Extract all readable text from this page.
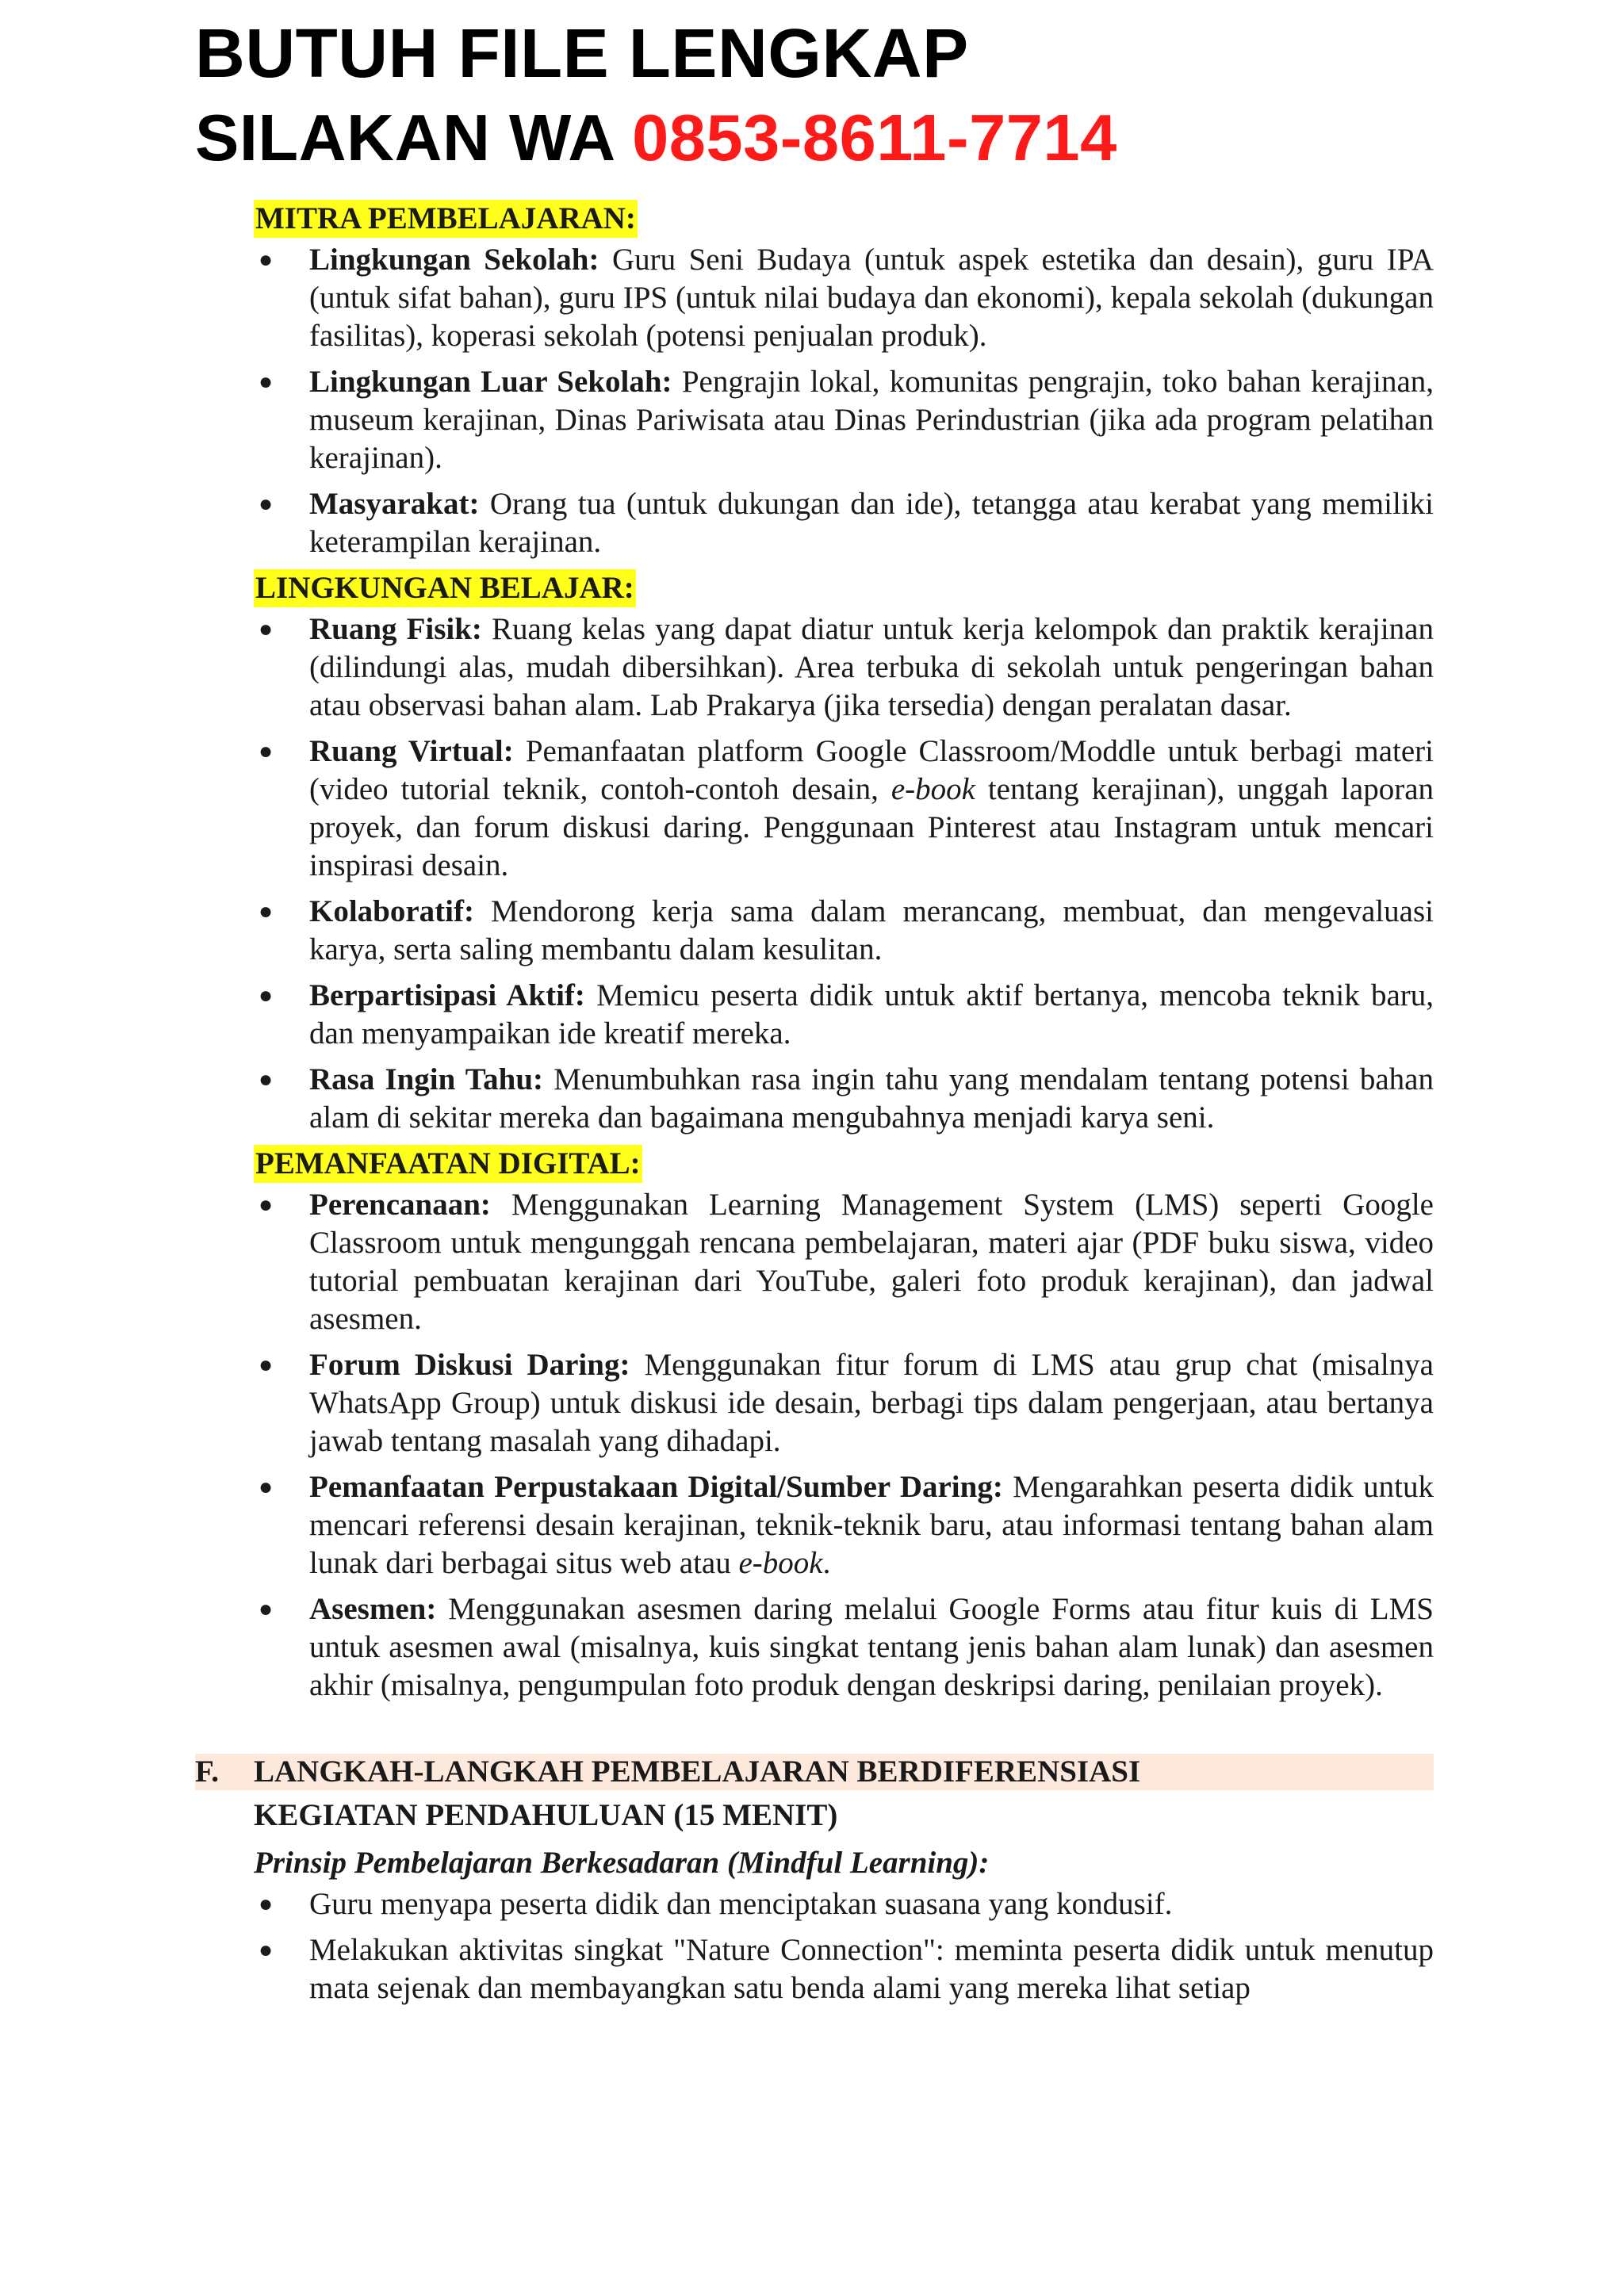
BUTUH FILE LENGKAP
SILAKAN WA 0853-8611-7714
MITRA PEMBELAJARAN:
● Lingkungan Sekolah: Guru Seni Budaya (untuk aspek estetika dan desain), guru IPA (untuk sifat bahan), guru IPS (untuk nilai budaya dan ekonomi), kepala sekolah (dukungan fasilitas), koperasi sekolah (potensi penjualan produk).
● Lingkungan Luar Sekolah: Pengrajin lokal, komunitas pengrajin, toko bahan kerajinan, museum kerajinan, Dinas Pariwisata atau Dinas Perindustrian (jika ada program pelatihan kerajinan).
● Masyarakat: Orang tua (untuk dukungan dan ide), tetangga atau kerabat yang memiliki keterampilan kerajinan.
LINGKUNGAN BELAJAR:
● Ruang Fisik: Ruang kelas yang dapat diatur untuk kerja kelompok dan praktik kerajinan (dilindungi alas, mudah dibersihkan). Area terbuka di sekolah untuk pengeringan bahan atau observasi bahan alam. Lab Prakarya (jika tersedia) dengan peralatan dasar.
● Ruang Virtual: Pemanfaatan platform Google Classroom/Moddle untuk berbagi materi (video tutorial teknik, contoh-contoh desain, e-book tentang kerajinan), unggah laporan proyek, dan forum diskusi daring. Penggunaan Pinterest atau Instagram untuk mencari inspirasi desain.
● Kolaboratif: Mendorong kerja sama dalam merancang, membuat, dan mengevaluasi karya, serta saling membantu dalam kesulitan.
● Berpartisipasi Aktif: Memicu peserta didik untuk aktif bertanya, mencoba teknik baru, dan menyampaikan ide kreatif mereka.
● Rasa Ingin Tahu: Menumbuhkan rasa ingin tahu yang mendalam tentang potensi bahan alam di sekitar mereka dan bagaimana mengubahnya menjadi karya seni.
PEMANFAATAN DIGITAL:
● Perencanaan: Menggunakan Learning Management System (LMS) seperti Google Classroom untuk mengunggah rencana pembelajaran, materi ajar (PDF buku siswa, video tutorial pembuatan kerajinan dari YouTube, galeri foto produk kerajinan), dan jadwal asesmen.
● Forum Diskusi Daring: Menggunakan fitur forum di LMS atau grup chat (misalnya WhatsApp Group) untuk diskusi ide desain, berbagi tips dalam pengerjaan, atau bertanya jawab tentang masalah yang dihadapi.
● Pemanfaatan Perpustakaan Digital/Sumber Daring: Mengarahkan peserta didik untuk mencari referensi desain kerajinan, teknik-teknik baru, atau informasi tentang bahan alam lunak dari berbagai situs web atau e-book.
● Asesmen: Menggunakan asesmen daring melalui Google Forms atau fitur kuis di LMS untuk asesmen awal (misalnya, kuis singkat tentang jenis bahan alam lunak) dan asesmen akhir (misalnya, pengumpulan foto produk dengan deskripsi daring, penilaian proyek).
F.	LANGKAH-LANGKAH PEMBELAJARAN BERDIFERENSIASI
KEGIATAN PENDAHULUAN (15 MENIT)
Prinsip Pembelajaran Berkesadaran (Mindful Learning):
● Guru menyapa peserta didik dan menciptakan suasana yang kondusif.
● Melakukan aktivitas singkat "Nature Connection": meminta peserta didik untuk menutup mata sejenak dan membayangkan satu benda alami yang mereka lihat setiap
